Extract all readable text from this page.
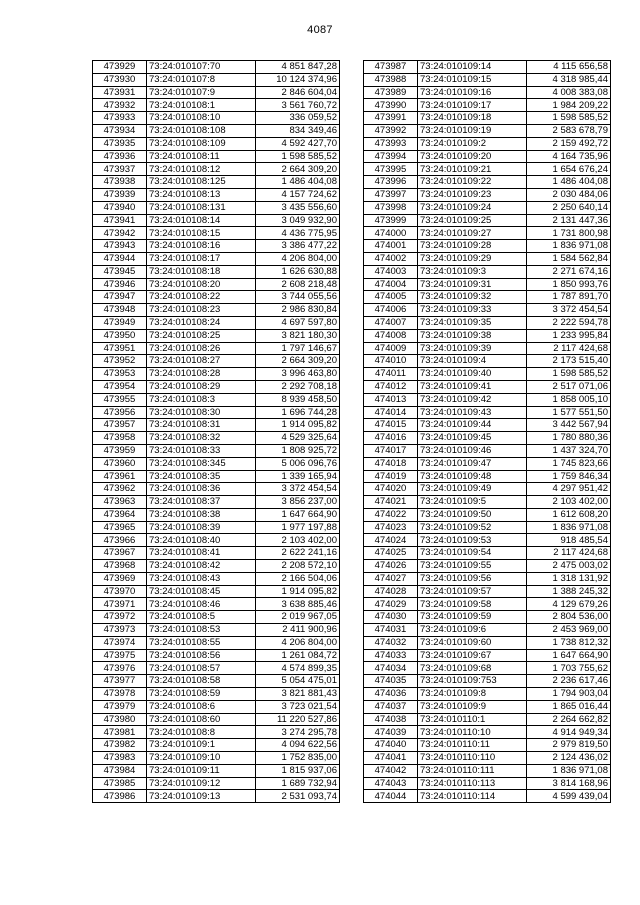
4087
473929	73:24:010107:70	4 851 847,28
473930	73:24:010107:8	10 124 374,96
473931	73:24:010107:9	2 846 604,04
473932	73:24:010108:1	3 561 760,72
473933	73:24:010108:10	336 059,52
473934	73:24:010108:108	834 349,46
473935	73:24:010108:109	4 592 427,70
473936	73:24:010108:11	1 598 585,52
473937	73:24:010108:12	2 664 309,20
473938	73:24:010108:125	1 486 404,08
473939	73:24:010108:13	4 157 724,62
473940	73:24:010108:131	3 435 556,60
473941	73:24:010108:14	3 049 932,90
473942	73:24:010108:15	4 436 775,95
473943	73:24:010108:16	3 386 477,22
473944	73:24:010108:17	4 206 804,00
473945	73:24:010108:18	1 626 630,88
473946	73:24:010108:20	2 608 218,48
473947	73:24:010108:22	3 744 055,56
473948	73:24:010108:23	2 986 830,84
473949	73:24:010108:24	4 697 597,80
473950	73:24:010108:25	3 821 180,30
473951	73:24:010108:26	1 797 146,67
473952	73:24:010108:27	2 664 309,20
473953	73:24:010108:28	3 996 463,80
473954	73:24:010108:29	2 292 708,18
473955	73:24:010108:3	8 939 458,50
473956	73:24:010108:30	1 696 744,28
473957	73:24:010108:31	1 914 095,82
473958	73:24:010108:32	4 529 325,64
473959	73:24:010108:33	1 808 925,72
473960	73:24:010108:345	5 006 096,76
473961	73:24:010108:35	1 339 165,94
473962	73:24:010108:36	3 372 454,54
473963	73:24:010108:37	3 856 237,00
473964	73:24:010108:38	1 647 664,90
473965	73:24:010108:39	1 977 197,88
473966	73:24:010108:40	2 103 402,00
473967	73:24:010108:41	2 622 241,16
473968	73:24:010108:42	2 208 572,10
473969	73:24:010108:43	2 166 504,06
473970	73:24:010108:45	1 914 095,82
473971	73:24:010108:46	3 638 885,46
473972	73:24:010108:5	2 019 967,05
473973	73:24:010108:53	2 411 900,96
473974	73:24:010108:55	4 206 804,00
473975	73:24:010108:56	1 261 084,72
473976	73:24:010108:57	4 574 899,35
473977	73:24:010108:58	5 054 475,01
473978	73:24:010108:59	3 821 881,43
473979	73:24:010108:6	3 723 021,54
473980	73:24:010108:60	11 220 527,86
473981	73:24:010108:8	3 274 295,78
473982	73:24:010109:1	4 094 622,56
473983	73:24:010109:10	1 752 835,00
473984	73:24:010109:11	1 815 937,06
473985	73:24:010109:12	1 689 732,94
473986	73:24:010109:13	2 531 093,74
473987	73:24:010109:14	4 115 656,58
473988	73:24:010109:15	4 318 985,44
473989	73:24:010109:16	4 008 383,08
473990	73:24:010109:17	1 984 209,22
473991	73:24:010109:18	1 598 585,52
473992	73:24:010109:19	2 583 678,79
473993	73:24:010109:2	2 159 492,72
473994	73:24:010109:20	4 164 735,96
473995	73:24:010109:21	1 654 676,24
473996	73:24:010109:22	1 486 404,08
473997	73:24:010109:23	2 030 484,06
473998	73:24:010109:24	2 250 640,14
473999	73:24:010109:25	2 131 447,36
474000	73:24:010109:27	1 731 800,98
474001	73:24:010109:28	1 836 971,08
474002	73:24:010109:29	1 584 562,84
474003	73:24:010109:3	2 271 674,16
474004	73:24:010109:31	1 850 993,76
474005	73:24:010109:32	1 787 891,70
474006	73:24:010109:33	3 372 454,54
474007	73:24:010109:35	2 222 594,78
474008	73:24:010109:38	1 233 995,84
474009	73:24:010109:39	2 117 424,68
474010	73:24:010109:4	2 173 515,40
474011	73:24:010109:40	1 598 585,52
474012	73:24:010109:41	2 517 071,06
474013	73:24:010109:42	1 858 005,10
474014	73:24:010109:43	1 577 551,50
474015	73:24:010109:44	3 442 567,94
474016	73:24:010109:45	1 780 880,36
474017	73:24:010109:46	1 437 324,70
474018	73:24:010109:47	1 745 823,66
474019	73:24:010109:48	1 759 846,34
474020	73:24:010109:49	4 297 951,42
474021	73:24:010109:5	2 103 402,00
474022	73:24:010109:50	1 612 608,20
474023	73:24:010109:52	1 836 971,08
474024	73:24:010109:53	918 485,54
474025	73:24:010109:54	2 117 424,68
474026	73:24:010109:55	2 475 003,02
474027	73:24:010109:56	1 318 131,92
474028	73:24:010109:57	1 388 245,32
474029	73:24:010109:58	4 129 679,26
474030	73:24:010109:59	2 804 536,00
474031	73:24:010109:6	2 453 969,00
474032	73:24:010109:60	1 738 812,32
474033	73:24:010109:67	1 647 664,90
474034	73:24:010109:68	1 703 755,62
474035	73:24:010109:753	2 236 617,46
474036	73:24:010109:8	1 794 903,04
474037	73:24:010109:9	1 865 016,44
474038	73:24:010110:1	2 264 662,82
474039	73:24:010110:10	4 914 949,34
474040	73:24:010110:11	2 979 819,50
474041	73:24:010110:110	2 124 436,02
474042	73:24:010110:111	1 836 971,08
474043	73:24:010110:113	3 814 168,96
474044	73:24:010110:114	4 599 439,04
